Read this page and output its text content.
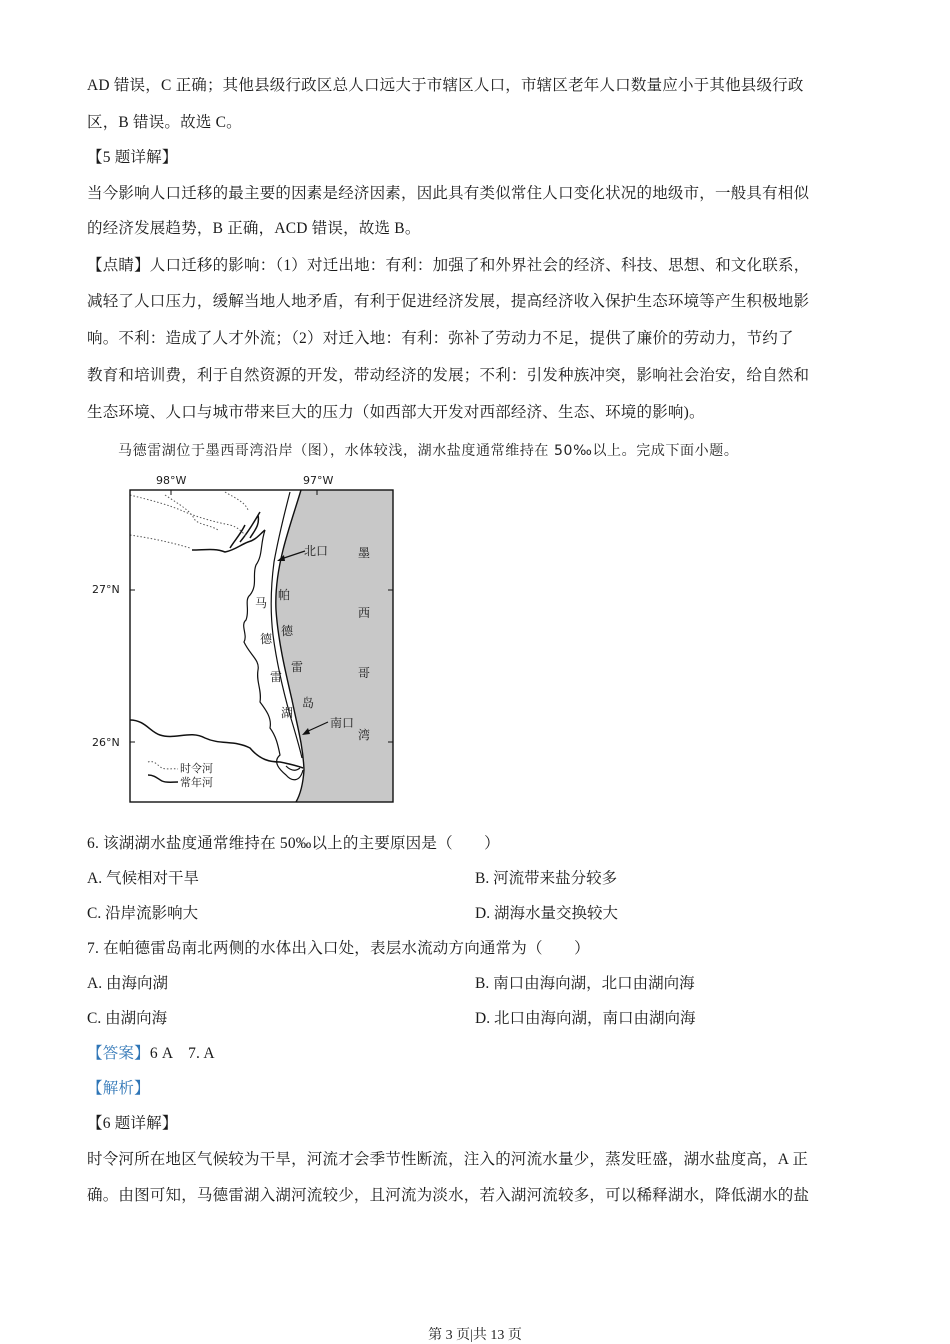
AD 错误，C 正确；其他县级行政区总人口远大于市辖区人口，市辖区老年人口数量应小于其他县级行政
区，B 错误。故选 C。
【5 题详解】
当今影响人口迁移的最主要的因素是经济因素，因此具有类似常住人口变化状况的地级市，一般具有相似
的经济发展趋势，B 正确，ACD 错误，故选 B。
【点睛】人口迁移的影响：（1）对迁出地：有利：加强了和外界社会的经济、科技、思想、和文化联系，
减轻了人口压力，缓解当地人地矛盾，有利于促进经济发展，提高经济收入保护生态环境等产生积极地影
响。不利：造成了人才外流；（2）对迁入地：有利：弥补了劳动力不足，提供了廉价的劳动力，节约了
教育和培训费，利于自然资源的开发，带动经济的发展；不利：引发种族冲突，影响社会治安，给自然和
生态环境、人口与城市带来巨大的压力（如西部大开发对西部经济、生态、环境的影响)。
马德雷湖位于墨西哥湾沿岸（图），水体较浅，湖水盐度通常维持在 50‰以上。完成下面小题。
98°W	97°W
27°N
26°N
北口
南口
马
德
雷
湖
帕
德
雷
岛
墨
西
哥
湾
时令河
常年河
6. 该湖湖水盐度通常维持在 50‰以上的主要原因是（　　）
A. 气候相对干旱	B. 河流带来盐分较多
C. 沿岸流影响大	D. 湖海水量交换较大
7. 在帕德雷岛南北两侧的水体出入口处，表层水流动方向通常为（　　）
A. 由海向湖	B. 南口由海向湖，北口由湖向海
C. 由湖向海	D. 北口由海向湖，南口由湖向海
【答案】6 A　7. A
【解析】
【6 题详解】
时令河所在地区气候较为干旱，河流才会季节性断流，注入的河流水量少，蒸发旺盛，湖水盐度高，A 正
确。由图可知，马德雷湖入湖河流较少，且河流为淡水，若入湖河流较多，可以稀释湖水，降低湖水的盐
第 3 页|共 13 页
